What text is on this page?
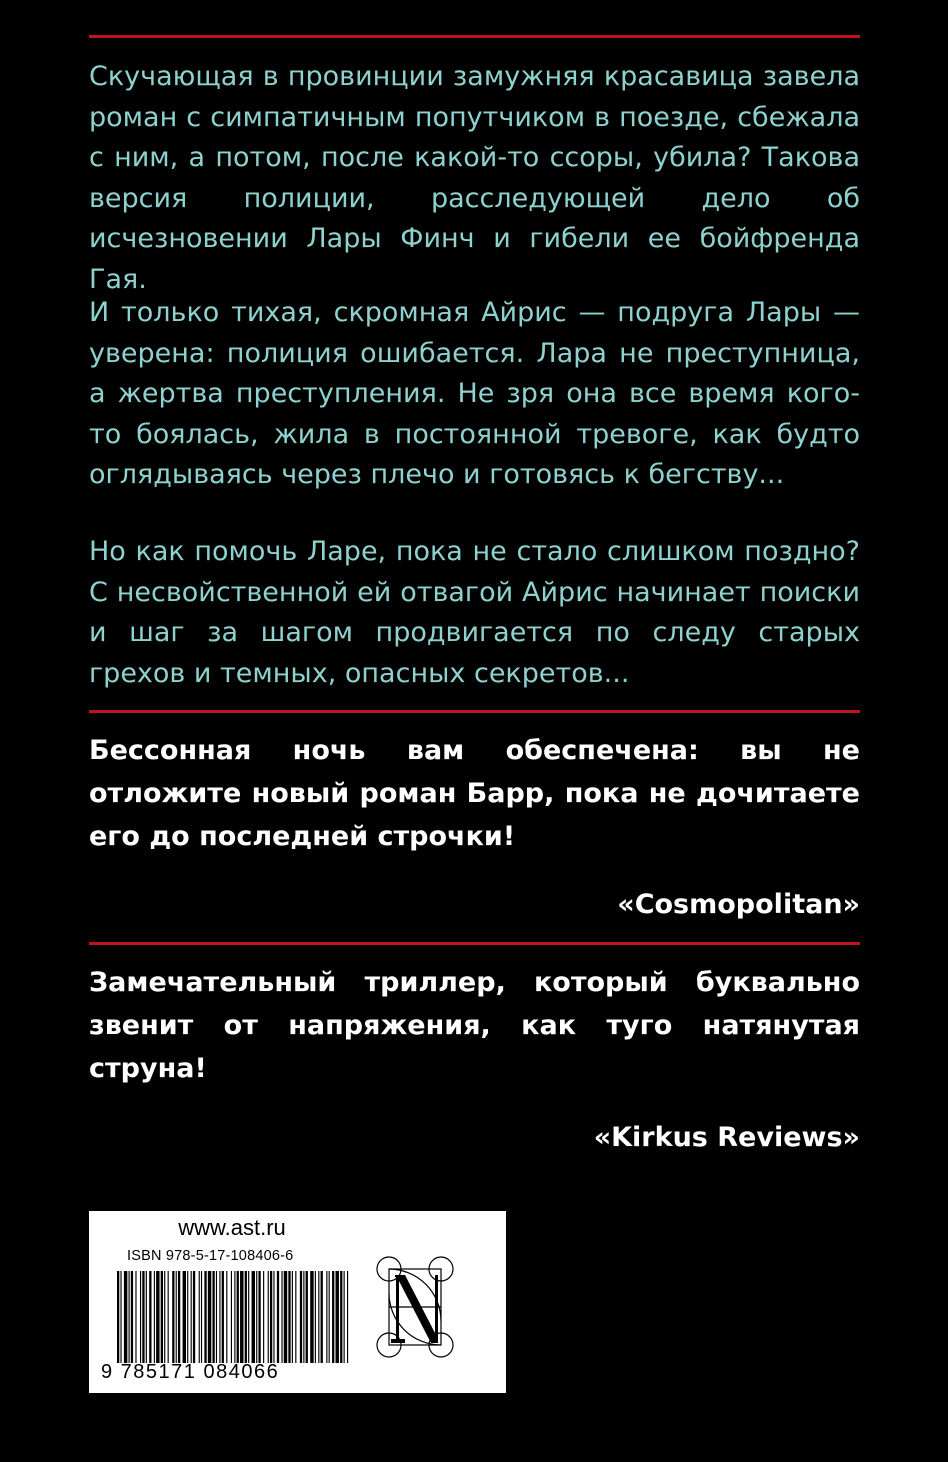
Скучающая в провинции замужняя красавица завела роман с симпатичным попутчиком в поезде, сбежала с ним, а потом, после какой-то ссоры, убила? Такова версия полиции, расследующей дело об исчезновении Лары Финч и гибели ее бойфренда Гая.

И только тихая, скромная Айрис — подруга Лары — уверена: полиция ошибается. Лара не преступница, а жертва преступления. Не зря она все время кого-то боялась, жила в постоянной тревоге, как будто оглядываясь через плечо и готовясь к бегству...

Но как помочь Ларе, пока не стало слишком поздно? С несвойственной ей отвагой Айрис начинает поиски и шаг за шагом продвигается по следу старых грехов и темных, опасных секретов...

Бессонная ночь вам обеспечена: вы не отложите новый роман Барр, пока не дочитаете его до последней строчки!

«Cosmopolitan»

Замечательный триллер, который буквально звенит от напряжения, как туго натянутая струна!

«Kirkus Reviews»

www.ast.ru
ISBN 978-5-17-108406-6
9 785171 084066
